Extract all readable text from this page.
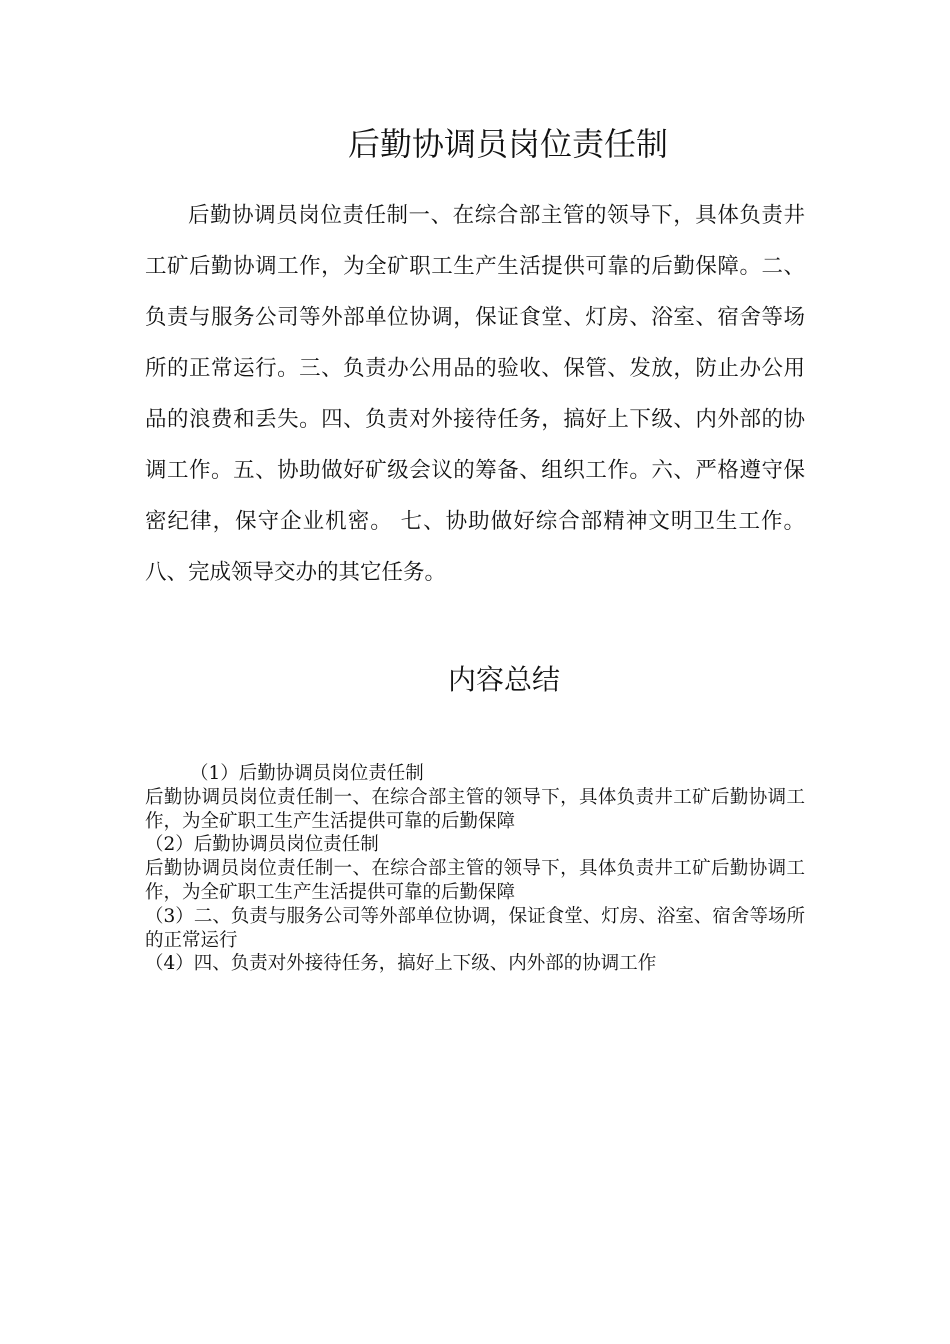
后勤协调员岗位责任制

后勤协调员岗位责任制一、在综合部主管的领导下，具体负责井工矿后勤协调工作，为全矿职工生产生活提供可靠的后勤保障。二、负责与服务公司等外部单位协调，保证食堂、灯房、浴室、宿舍等场所的正常运行。三、负责办公用品的验收、保管、发放，防止办公用品的浪费和丢失。四、负责对外接待任务，搞好上下级、内外部的协调工作。五、协助做好矿级会议的筹备、组织工作。六、严格遵守保密纪律，保守企业机密。 七、协助做好综合部精神文明卫生工作。八、完成领导交办的其它任务。

内容总结

（1）后勤协调员岗位责任制

后勤协调员岗位责任制一、在综合部主管的领导下，具体负责井工矿后勤协调工作，为全矿职工生产生活提供可靠的后勤保障

（2）后勤协调员岗位责任制

后勤协调员岗位责任制一、在综合部主管的领导下，具体负责井工矿后勤协调工作，为全矿职工生产生活提供可靠的后勤保障

（3）二、负责与服务公司等外部单位协调，保证食堂、灯房、浴室、宿舍等场所的正常运行

（4）四、负责对外接待任务，搞好上下级、内外部的协调工作
